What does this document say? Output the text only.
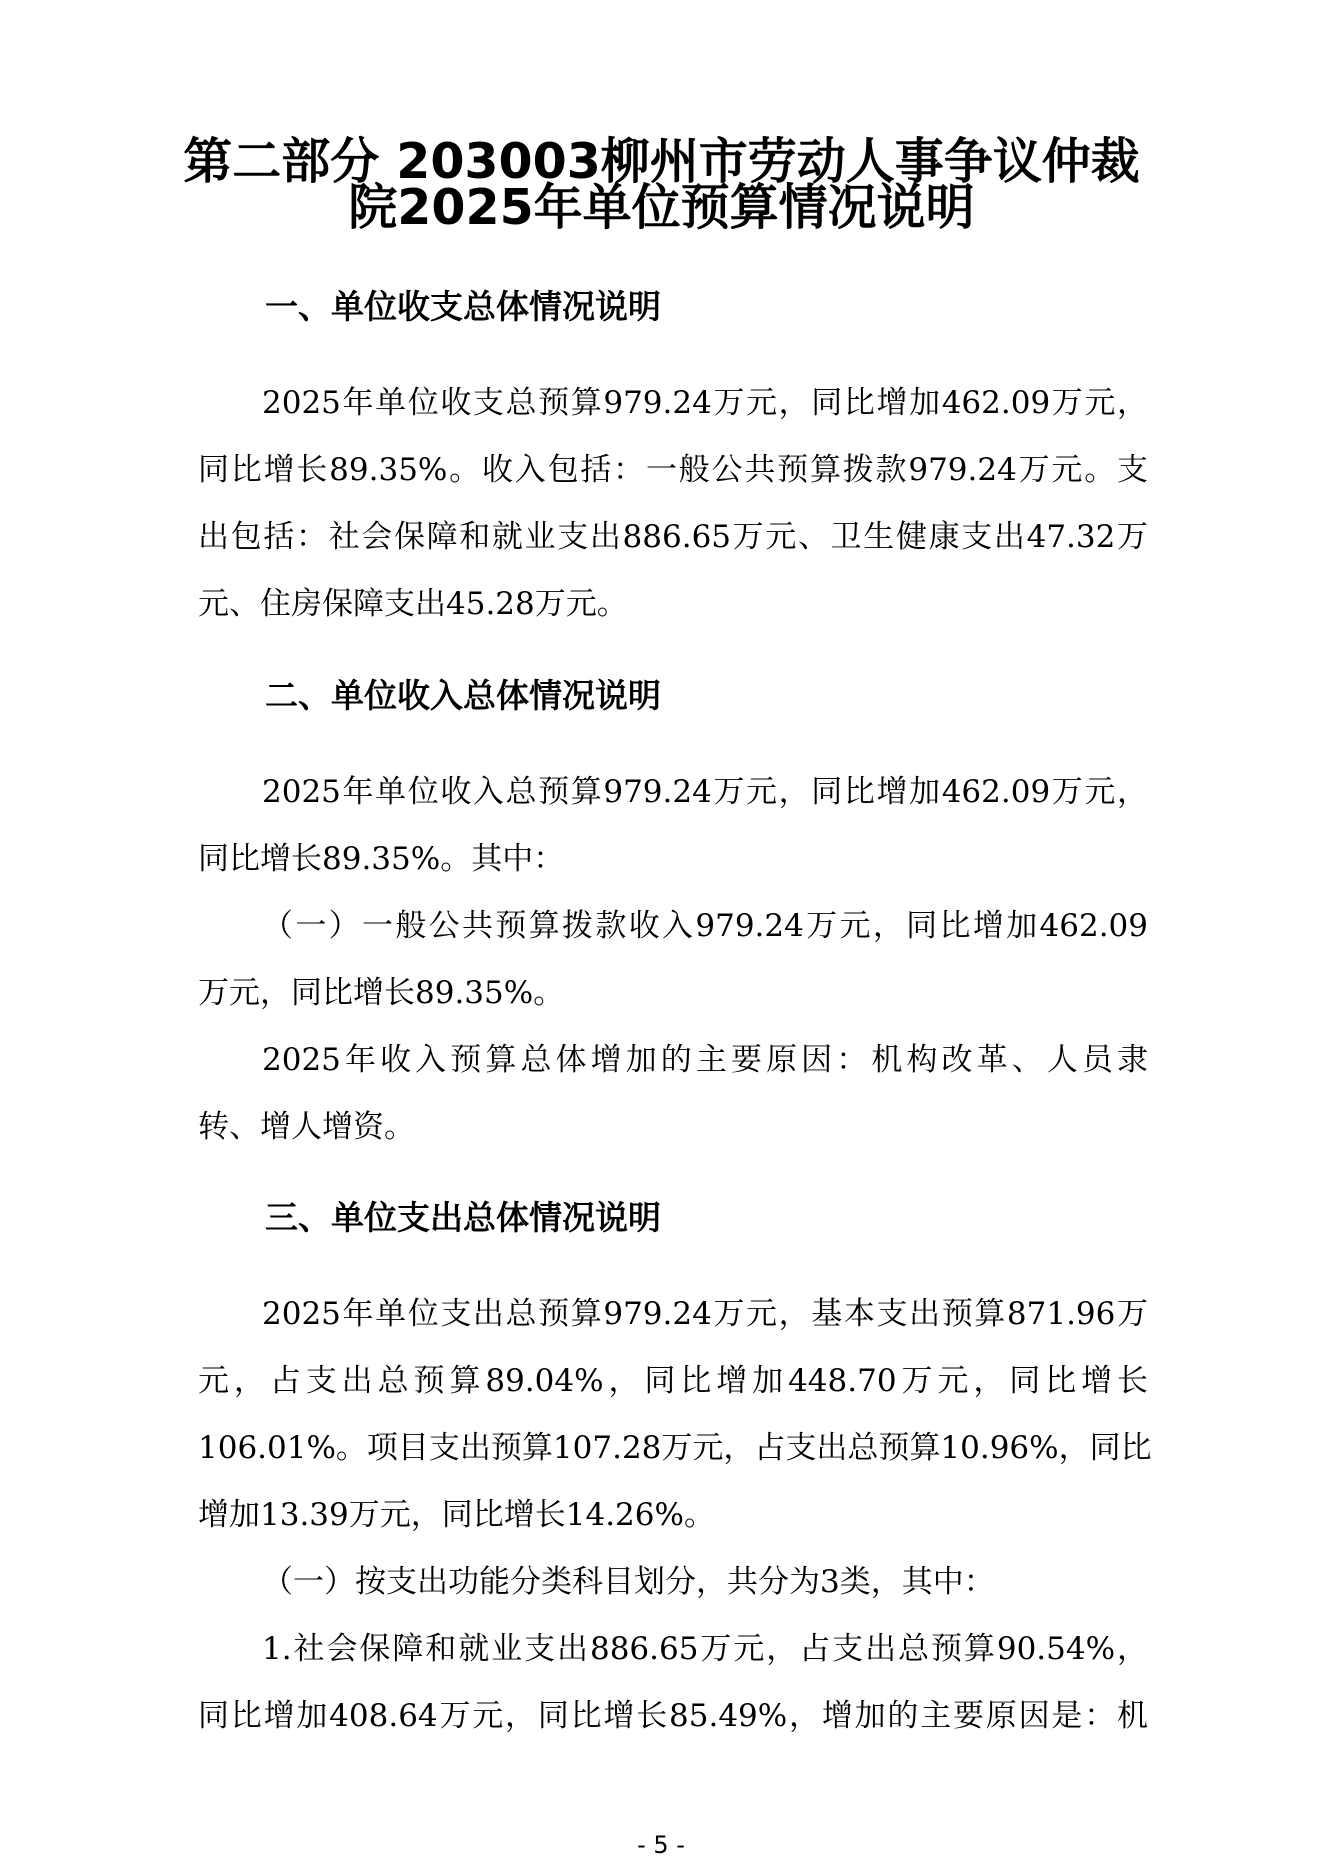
第二部分 203003柳州市劳动人事争议仲裁
院2025年单位预算情况说明
一、单位收支总体情况说明

2025年单位收支总预算979.24万元，同比增加462.09万元，

同比增长89.35%。收入包括：一般公共预算拨款979.24万元。支

出包括：社会保障和就业支出886.65万元、卫生健康支出47.32万

元、住房保障支出45.28万元。

二、单位收入总体情况说明

2025年单位收入总预算979.24万元，同比增加462.09万元，

同比增长89.35%。其中：

（一）一般公共预算拨款收入979.24万元，同比增加462.09

万元，同比增长89.35%。

2025年收入预算总体增加的主要原因：机构改革、人员隶

转、增人增资。

三、单位支出总体情况说明

2025年单位支出总预算979.24万元，基本支出预算871.96万

元，占支出总预算89.04%，同比增加448.70万元，同比增长

106.01%。项目支出预算107.28万元，占支出总预算10.96%，同比

增加13.39万元，同比增长14.26%。

（一）按支出功能分类科目划分，共分为3类，其中：

1.社会保障和就业支出886.65万元，占支出总预算90.54%，

同比增加408.64万元，同比增长85.49%，增加的主要原因是：机

- 5 -
